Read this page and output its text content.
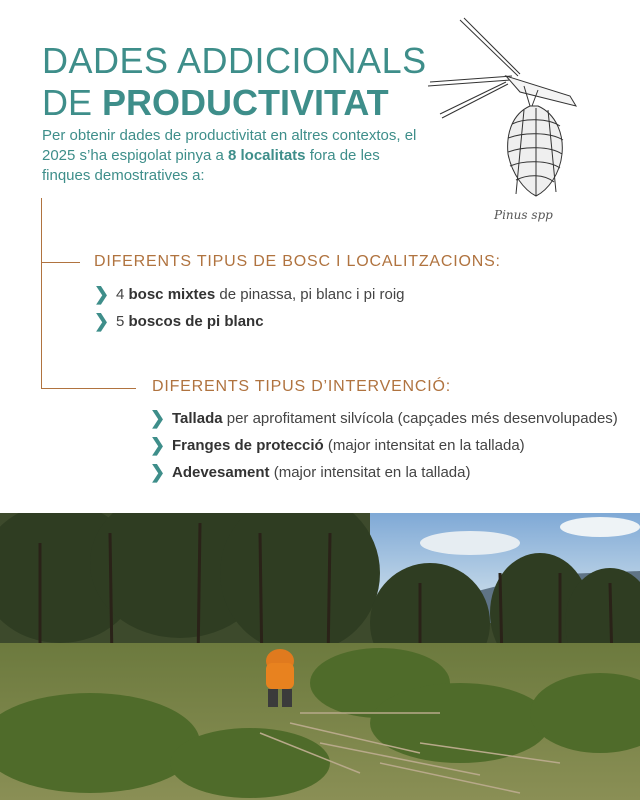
DADES ADDICIONALS
DE PRODUCTIVITAT
Per obtenir dades de productivitat en altres contextos, el 2025 s’ha espigolat pinya a 8 localitats fora de les finques demostratives a:
Pinus spp
DIFERENTS TIPUS DE BOSC I LOCALITZACIONS:
❯ 4 bosc mixtes de pinassa, pi blanc i pi roig
❯ 5 boscos de pi blanc
DIFERENTS TIPUS D’INTERVENCIÓ:
❯ Tallada per aprofitament silvícola (capçades més desenvolupades)
❯ Franges de protecció (major intensitat en la tallada)
❯ Adevesament (major intensitat en la tallada)
